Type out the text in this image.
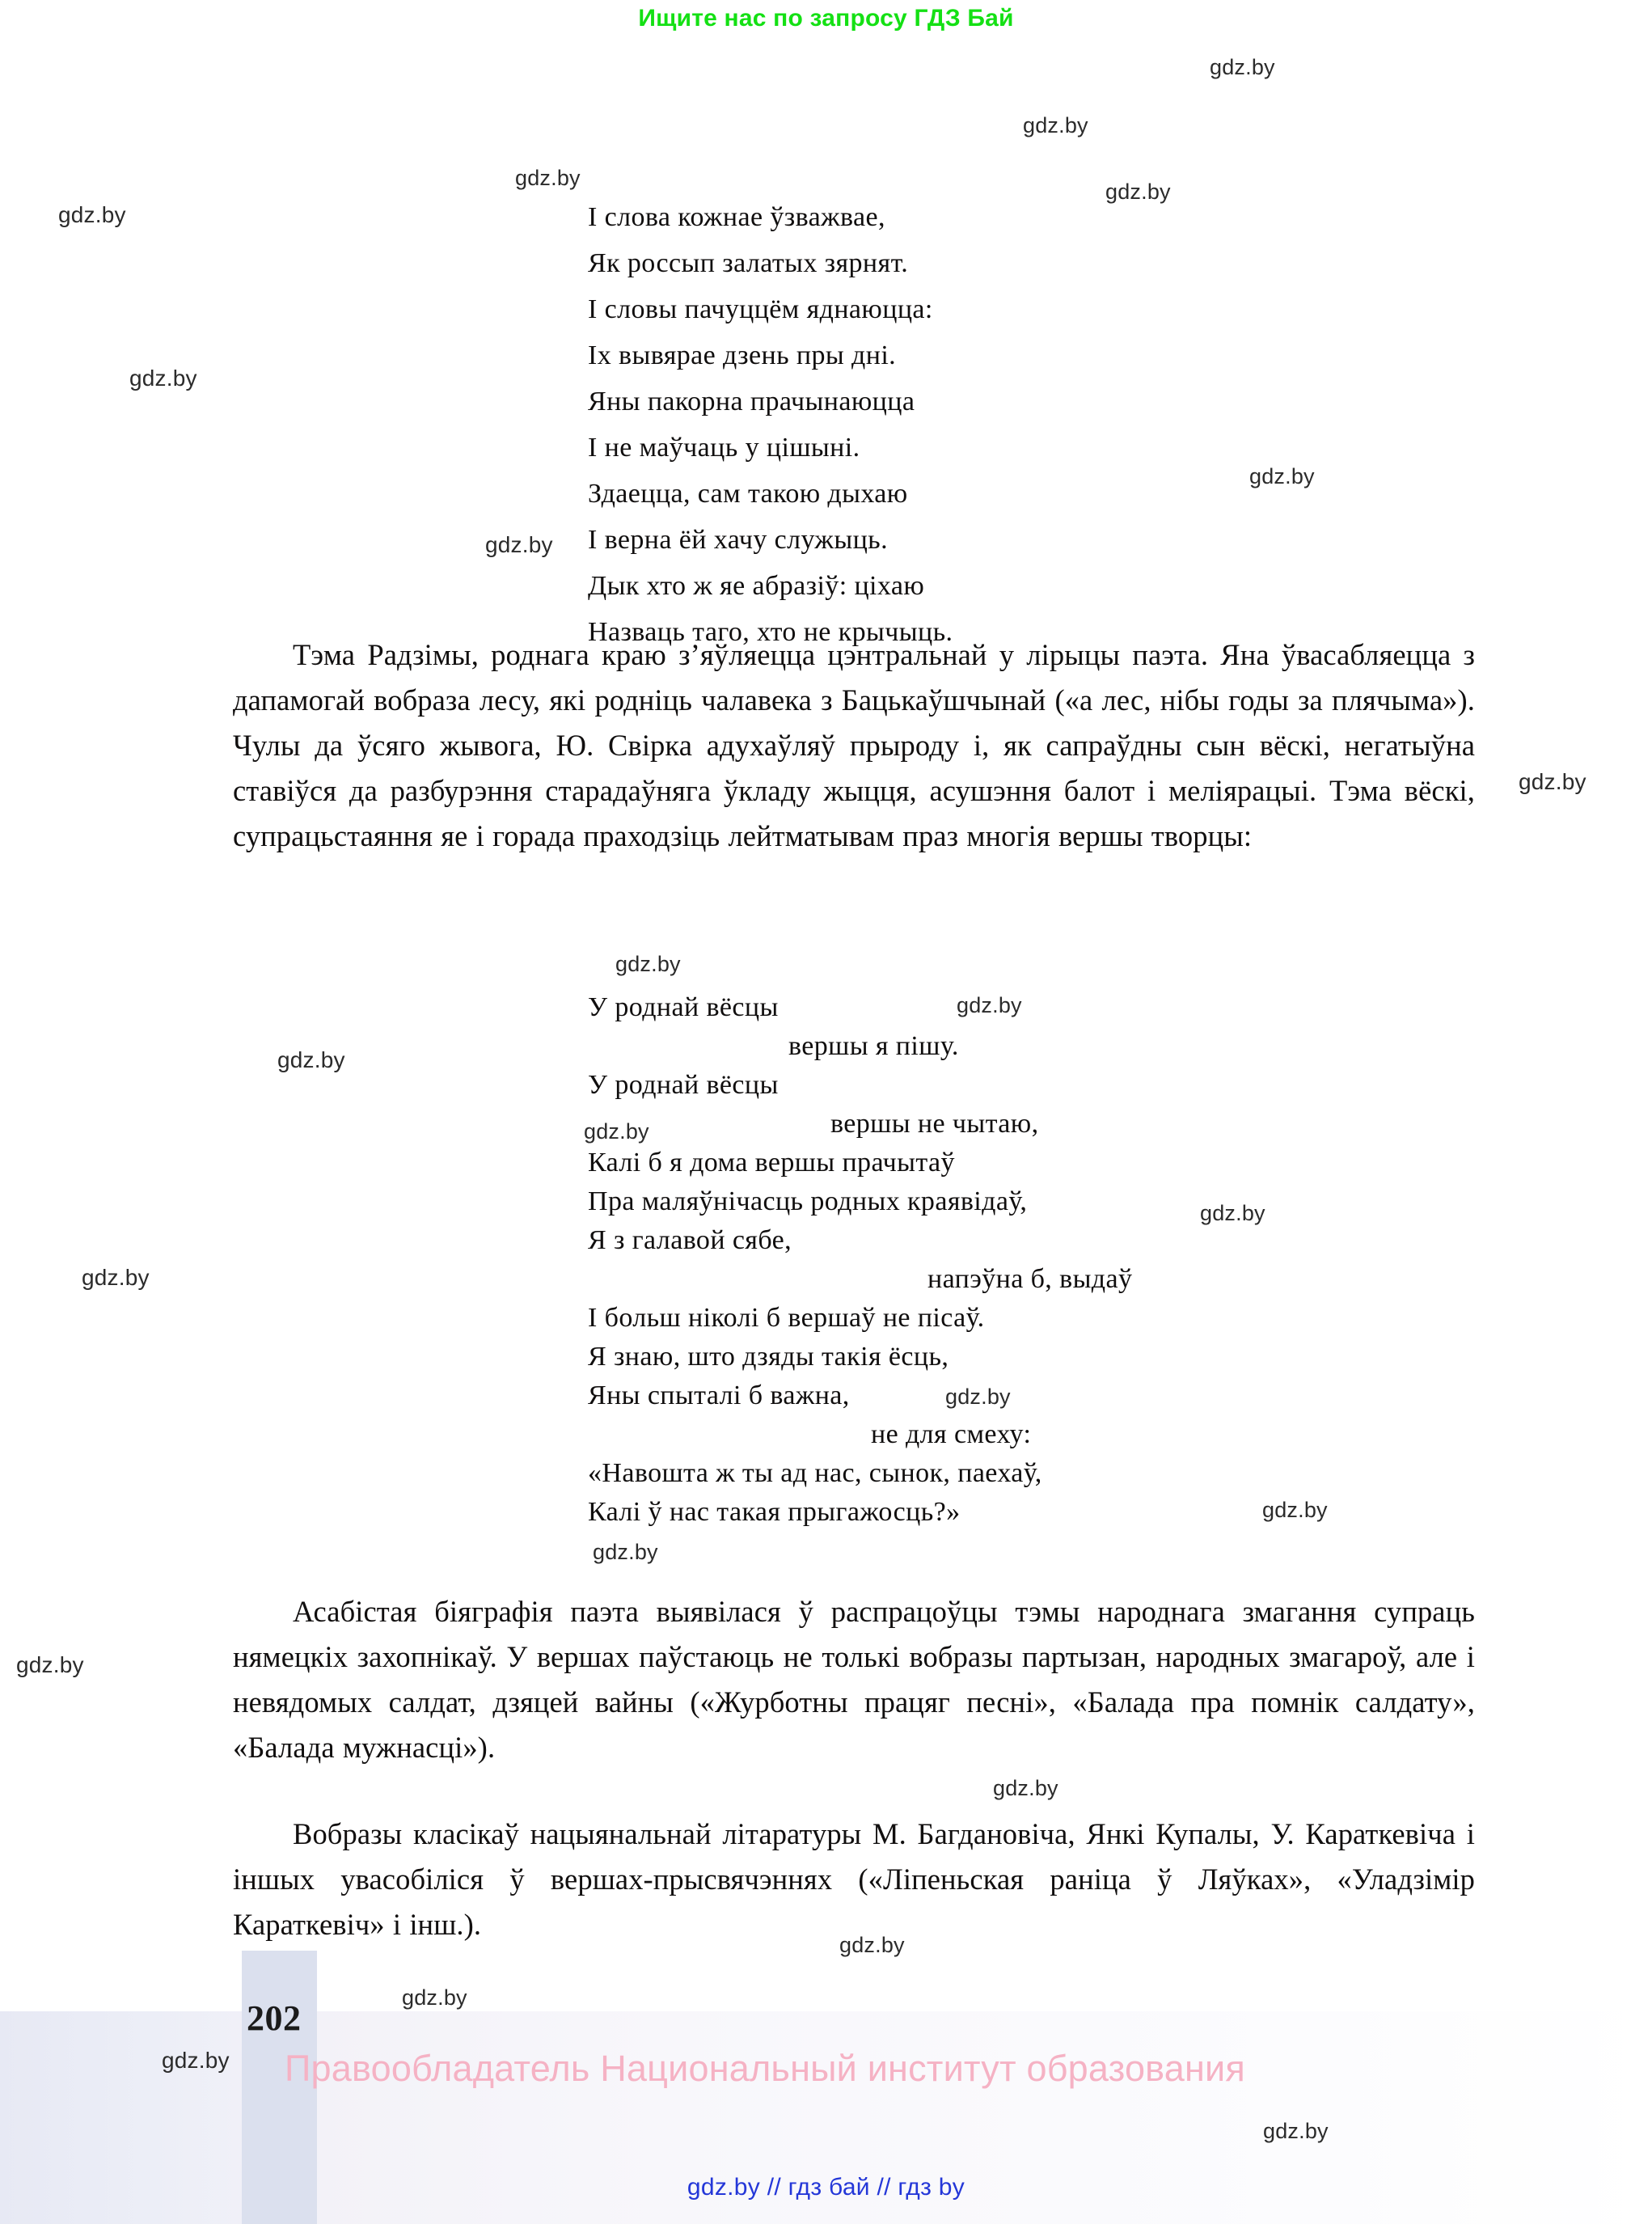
Ищите нас по запросу ГДЗ Бай
І слова кожнае ўзважвае,
Як россып залатых зярнят.
І словы пачуццём яднаюцца:
Іх вывярае дзень пры дні.
Яны пакорна прачынаюцца
І не маўчаць у цішыні.
Здаецца, сам такою дыхаю
І верна ёй хачу служыць.
Дык хто ж яе абразіў: ціхаю
Назваць таго, хто не крычыць.

Тэма Радзімы, роднага краю з’яўляецца цэнтральнай у лірыцы паэта. Яна ўвасабляецца з дапамогай вобраза лесу, які родніць чалавека з Бацькаўшчынай («а лес, нібы годы за плячыма»). Чулы да ўсяго жывога, Ю. Свірка адухаўляў прыроду і, як сапраўдны сын вёскі, негатыўна ставіўся да разбурэння старадаўняга ўкладу жыцця, асушэння балот і меліярацыі. Тэма вёскі, супрацьстаяння яе і горада праходзіць лейтматывам праз многія вершы творцы:

У роднай вёсцы
вершы я пішу.
У роднай вёсцы
вершы не чытаю,
Калі б я дома вершы прачытаў
Пра маляўнічасць родных краявідаў,
Я з галавой сябе,
напэўна б, выдаў
І больш ніколі б вершаў не пісаў.
Я знаю, што дзяды такія ёсць,
Яны спыталі б важна,
не для смеху:
«Навошта ж ты ад нас, сынок, паехаў,
Калі ў нас такая прыгажосць?»

Асабістая біяграфія паэта выявілася ў распрацоўцы тэмы народнага змагання супраць нямецкіх захопнікаў. У вершах паўстаюць не толькі вобразы партызан, народных змагароў, але і невядомых салдат, дзяцей вайны («Журботны працяг песні», «Балада пра помнік салдату», «Балада мужнасці»).

Вобразы класікаў нацыянальнай літаратуры М. Багдановіча, Янкі Купалы, У. Караткевіча і іншых увасобіліся ў вершах-прысвячэннях («Ліпеньская раніца ў Ляўках», «Уладзімір Караткевіч» і інш.).

202
Правообладатель Национальный институт образования
gdz.by // гдз бай // гдз by
gdz.by
gdz.by
gdz.by
gdz.by
gdz.by
gdz.by
gdz.by
gdz.by
gdz.by
gdz.by
gdz.by
gdz.by
gdz.by
gdz.by
gdz.by
gdz.by
gdz.by
gdz.by
gdz.by
gdz.by
gdz.by
gdz.by
gdz.by
gdz.by
